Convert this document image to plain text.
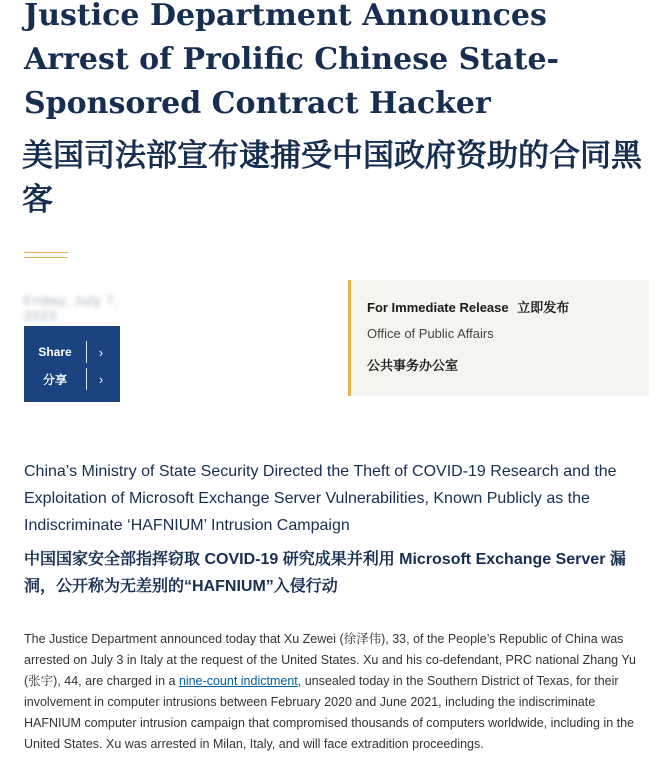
Justice Department Announces Arrest of Prolific Chinese State-Sponsored Contract Hacker
美国司法部宣布逮捕受中国政府资助的合同黑客
Friday, July 7, 2023
Share	›
分享	›
For Immediate Release 立即发布
Office of Public Affairs
公共事务办公室

China’s Ministry of State Security Directed the Theft of COVID-19 Research and the Exploitation of Microsoft Exchange Server Vulnerabilities, Known Publicly as the Indiscriminate ‘HAFNIUM’ Intrusion Campaign

中国国家安全部指挥窃取 COVID-19 研究成果并利用 Microsoft Exchange Server 漏洞，公开称为无差别的“HAFNIUM”入侵行动

The Justice Department announced today that Xu Zewei (徐泽伟), 33, of the People’s Republic of China was arrested on July 3 in Italy at the request of the United States. Xu and his co-defendant, PRC national Zhang Yu (张宇), 44, are charged in a nine-count indictment, unsealed today in the Southern District of Texas, for their involvement in computer intrusions between February 2020 and June 2021, including the indiscriminate HAFNIUM computer intrusion campaign that compromised thousands of computers worldwide, including in the United States. Xu was arrested in Milan, Italy, and will face extradition proceedings.
